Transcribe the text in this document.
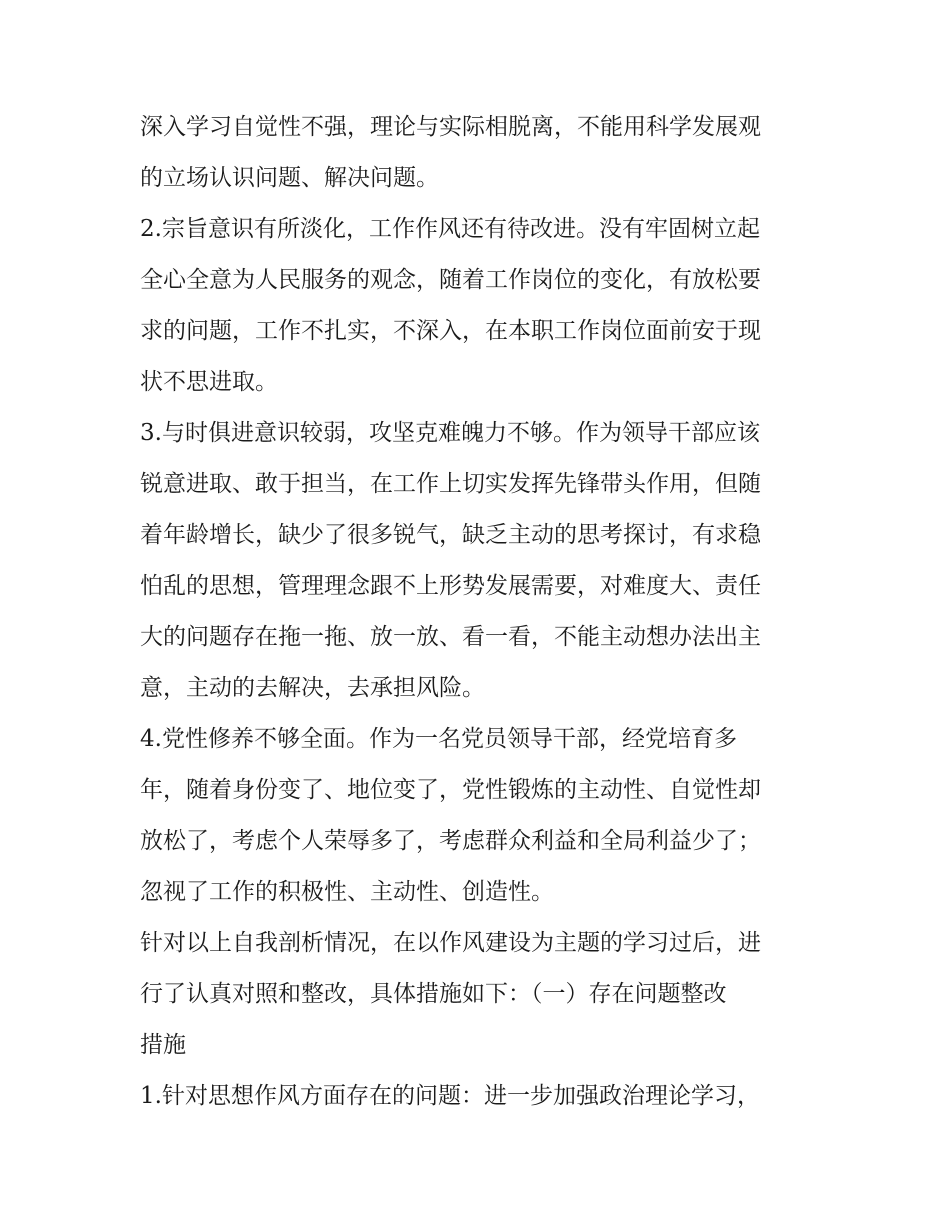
深入学习自觉性不强，理论与实际相脱离，不能用科学发展观
的立场认识问题、解决问题。
2.宗旨意识有所淡化，工作作风还有待改进。没有牢固树立起
全心全意为人民服务的观念，随着工作岗位的变化，有放松要
求的问题，工作不扎实，不深入，在本职工作岗位面前安于现
状不思进取。
3.与时俱进意识较弱，攻坚克难魄力不够。作为领导干部应该
锐意进取、敢于担当，在工作上切实发挥先锋带头作用，但随
着年龄增长，缺少了很多锐气，缺乏主动的思考探讨，有求稳
怕乱的思想，管理理念跟不上形势发展需要，对难度大、责任
大的问题存在拖一拖、放一放、看一看，不能主动想办法出主
意，主动的去解决，去承担风险。
4.党性修养不够全面。作为一名党员领导干部，经党培育多
年，随着身份变了、地位变了，党性锻炼的主动性、自觉性却
放松了，考虑个人荣辱多了，考虑群众利益和全局利益少了；
忽视了工作的积极性、主动性、创造性。
针对以上自我剖析情况，在以作风建设为主题的学习过后，进
行了认真对照和整改，具体措施如下：（一）存在问题整改
措施
1.针对思想作风方面存在的问题：进一步加强政治理论学习，
